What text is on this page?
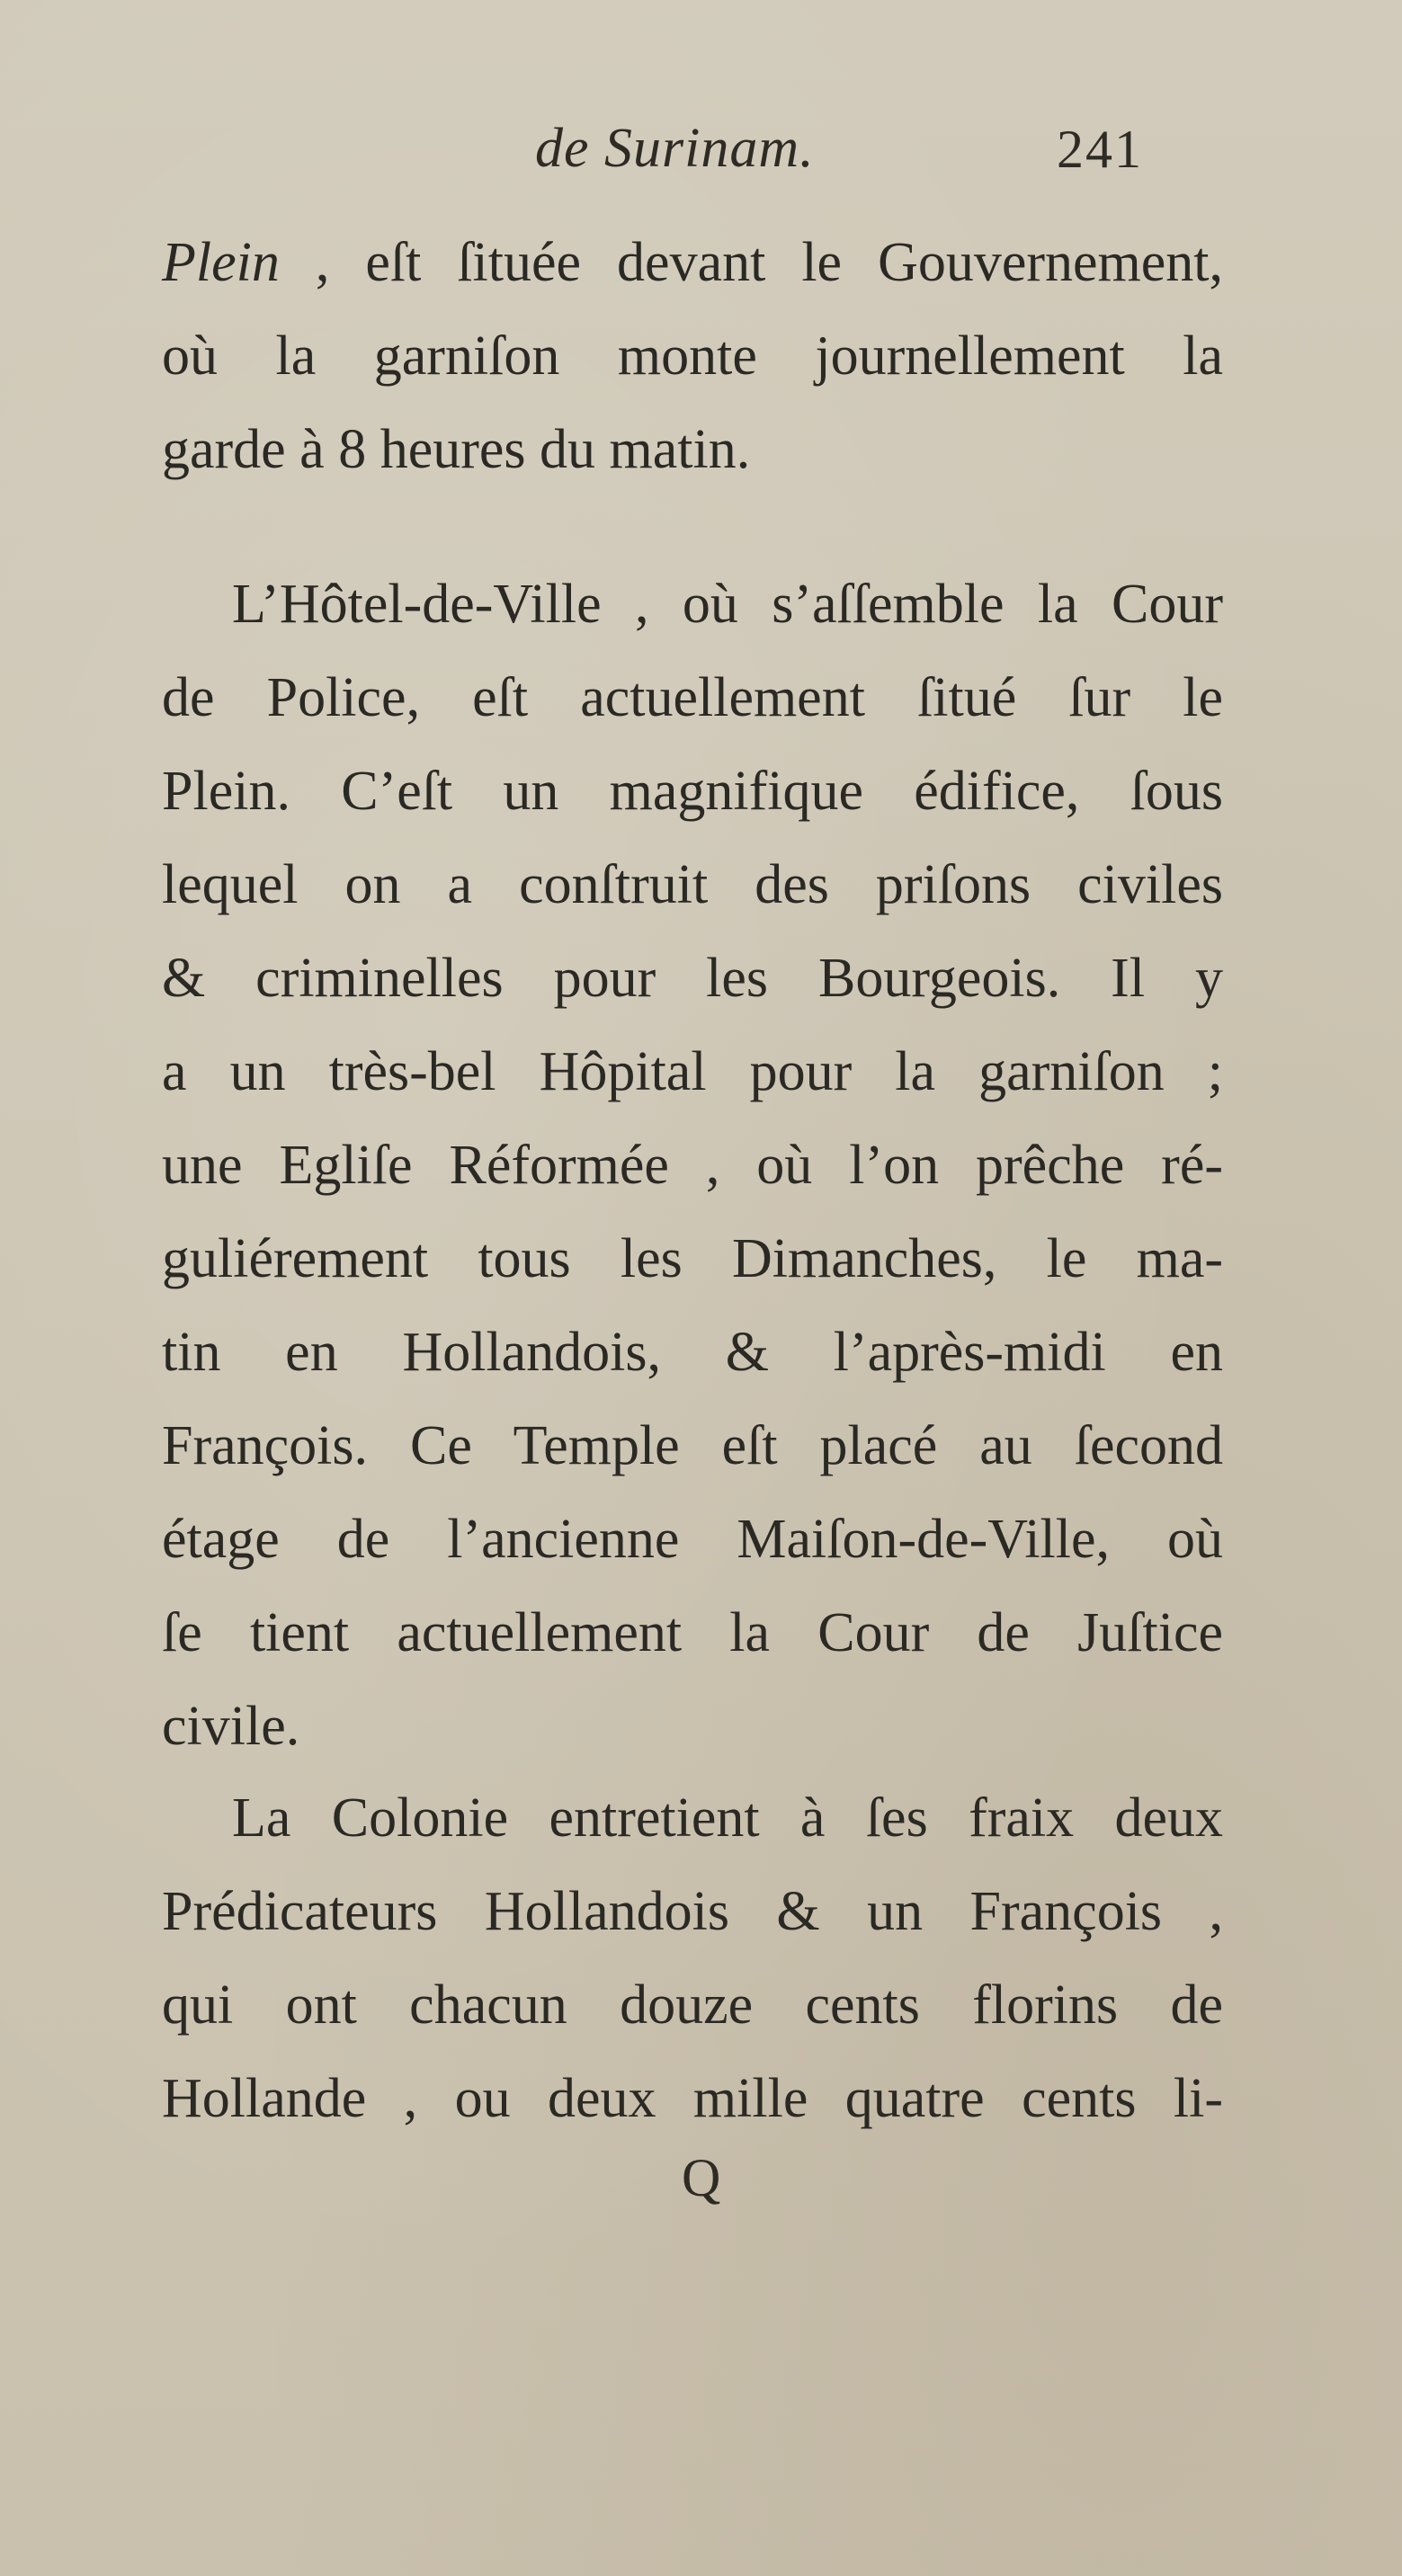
de Surinam.	241
Plein , eſt ſituée devant le Gouvernement,
où la garniſon monte journellement la
garde à 8 heures du matin.
L’Hôtel-de-Ville , où s’aſſemble la Cour
de Police, eſt actuellement ſitué ſur le
Plein. C’eſt un magnifique édifice, ſous
lequel on a conſtruit des priſons civiles
& criminelles pour les Bourgeois. Il y
a un très-bel Hôpital pour la garniſon ;
une Egliſe Réformée , où l’on prêche ré-
guliérement tous les Dimanches, le ma-
tin en Hollandois, & l’après-midi en
François. Ce Temple eſt placé au ſecond
étage de l’ancienne Maiſon-de-Ville, où
ſe tient actuellement la Cour de Juſtice
civile.
La Colonie entretient à ſes fraix deux
Prédicateurs Hollandois & un François ,
qui ont chacun douze cents florins de
Hollande , ou deux mille quatre cents li-
Q
